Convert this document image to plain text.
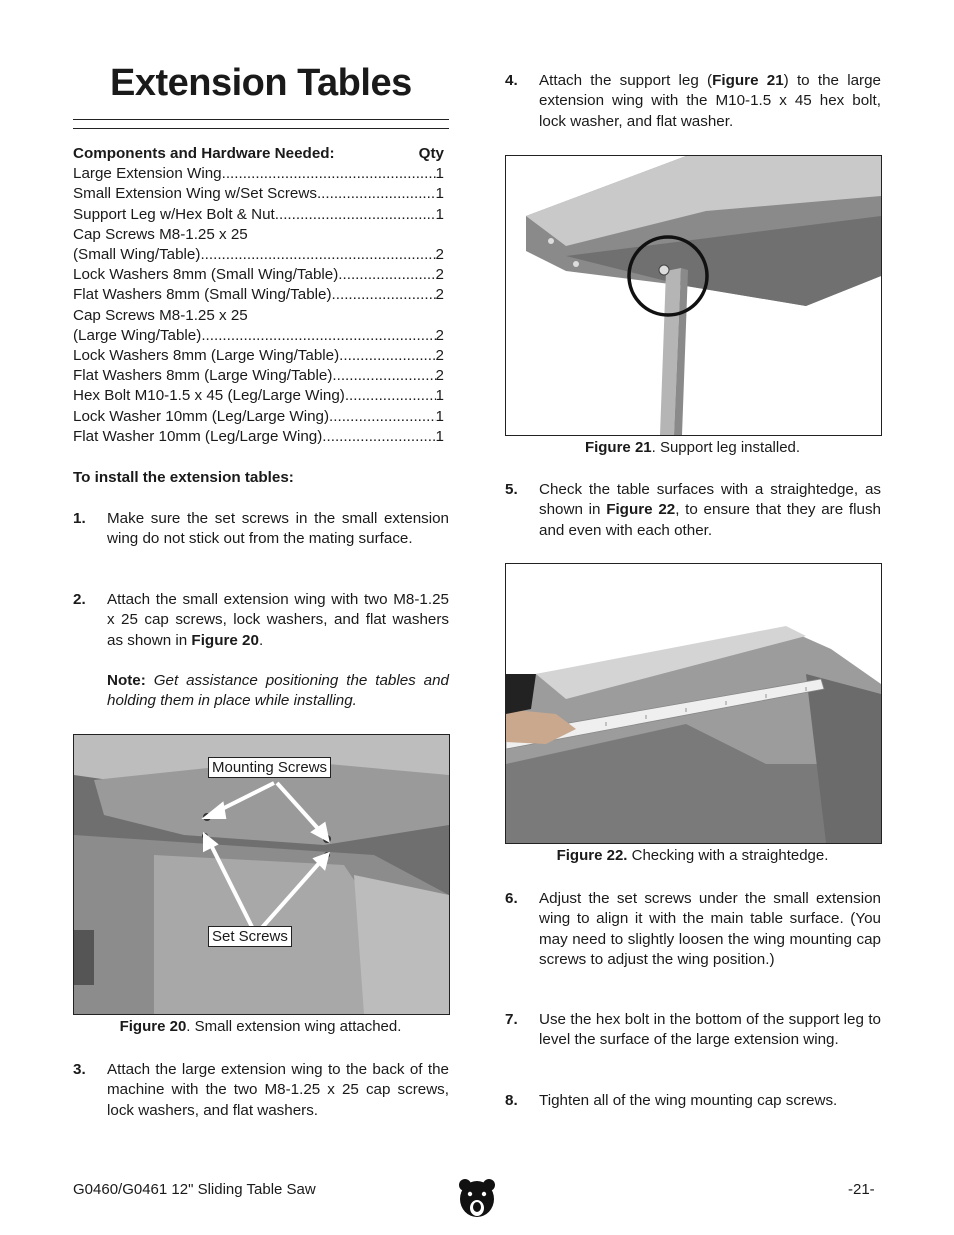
Extension Tables
Components and Hardware Needed:	Qty
Large Extension Wing .....	1
Small Extension Wing w/Set Screws .....	1
Support Leg w/Hex Bolt & Nut .....	1
Cap Screws M8-1.25 x 25
(Small Wing/Table) .....	2
Lock Washers 8mm (Small Wing/Table) .....	2
Flat Washers 8mm (Small Wing/Table) .....	2
Cap Screws M8-1.25 x 25
(Large Wing/Table) .....	2
Lock Washers 8mm (Large Wing/Table) .....	2
Flat Washers 8mm (Large Wing/Table) .....	2
Hex Bolt M10-1.5 x 45 (Leg/Large Wing) .....	1
Lock Washer 10mm (Leg/Large Wing) .....	1
Flat Washer 10mm (Leg/Large Wing) .....	1
To install the extension tables:
1.	Make sure the set screws in the small extension wing do not stick out from the mating surface.
2.	Attach the small extension wing with two M8-1.25 x 25 cap screws, lock washers, and flat washers as shown in Figure 20.
Note: Get assistance positioning the tables and holding them in place while installing.
Mounting Screws
Set Screws
Figure 20. Small extension wing attached.
3.	Attach the large extension wing to the back of the machine with the two M8-1.25 x 25 cap screws, lock washers, and flat washers.
4.	Attach the support leg (Figure 21) to the large extension wing with the M10-1.5 x 45 hex bolt, lock washer, and flat washer.
Figure 21. Support leg installed.
5.	Check the table surfaces with a straightedge, as shown in Figure 22, to ensure that they are flush and even with each other.
Figure 22. Checking with a straightedge.
6.	Adjust the set screws under the small extension wing to align it with the main table surface. (You may need to slightly loosen the wing mounting cap screws to adjust the wing position.)
7.	Use the hex bolt in the bottom of the support leg to level the surface of the large extension wing.
8.	Tighten all of the wing mounting cap screws.
G0460/G0461 12" Sliding Table Saw	-21-
